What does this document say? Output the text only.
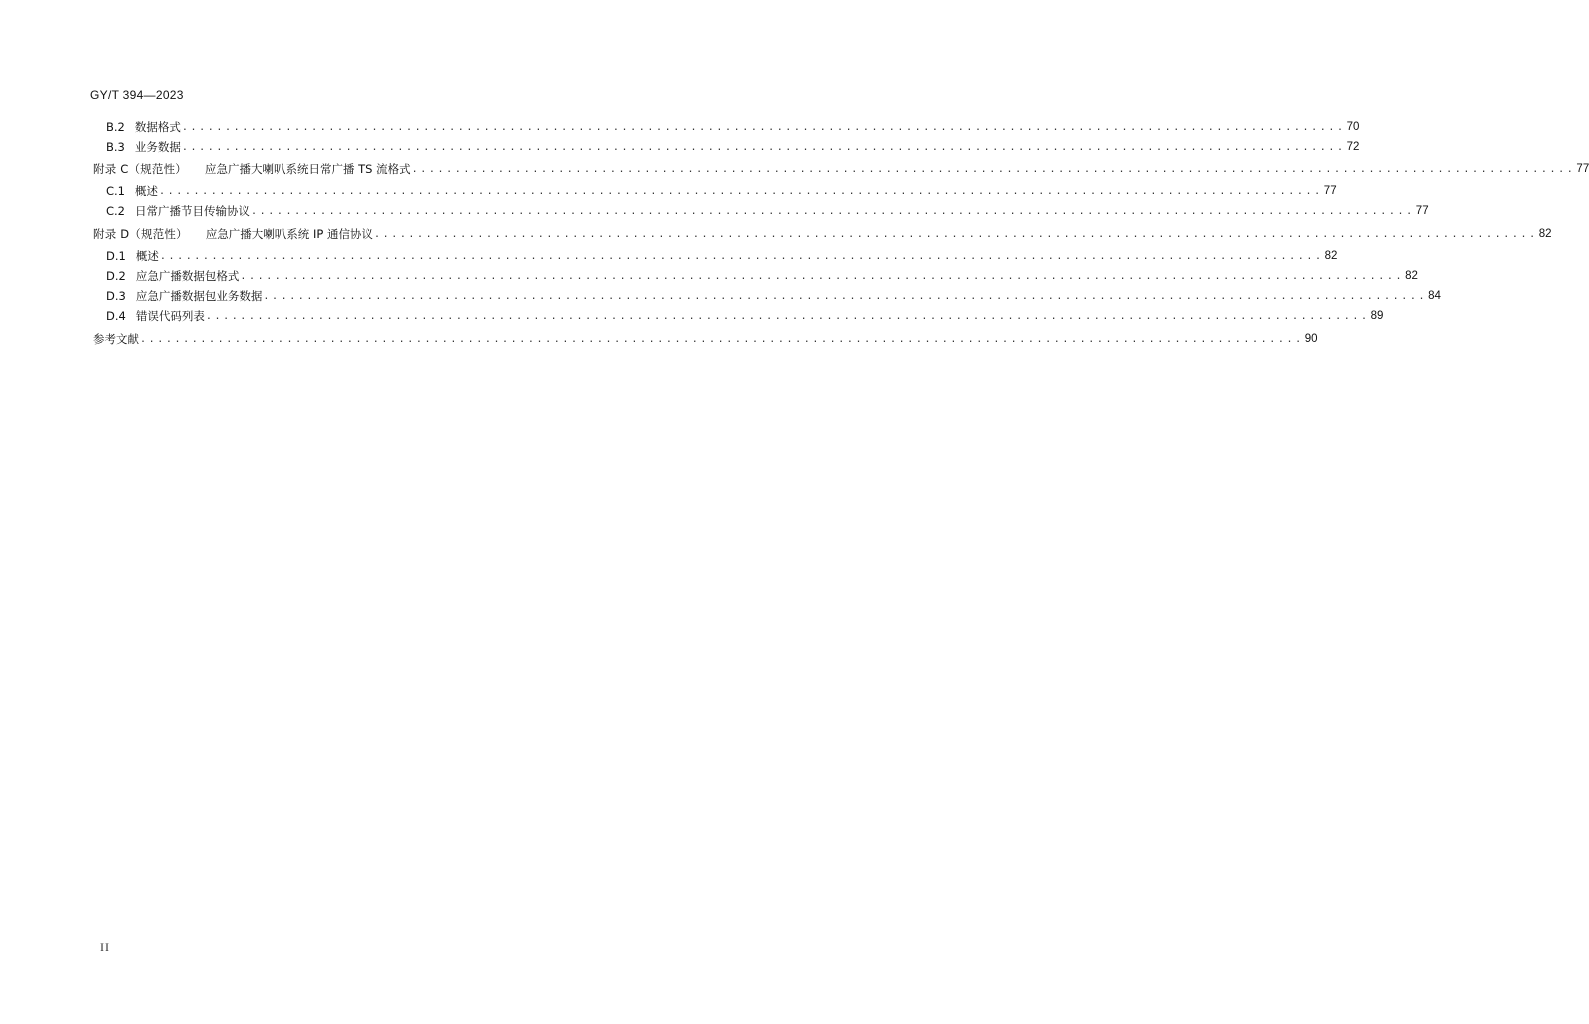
GY/T 394—2023
B.2 数据格式 ....................................................................................................................................... 70
B.3 业务数据 ....................................................................................................................................... 72
附录 C（规范性） 应急广播大喇叭系统日常广播 TS 流格式 ....................................................................................................................................... 77
C.1 概述 ....................................................................................................................................... 77
C.2 日常广播节目传输协议 ....................................................................................................................................... 77
附录 D（规范性） 应急广播大喇叭系统 IP 通信协议 ....................................................................................................................................... 82
D.1 概述 ....................................................................................................................................... 82
D.2 应急广播数据包格式 ....................................................................................................................................... 82
D.3 应急广播数据包业务数据 ....................................................................................................................................... 84
D.4 错误代码列表 ....................................................................................................................................... 89
参考文献 ....................................................................................................................................... 90
II
